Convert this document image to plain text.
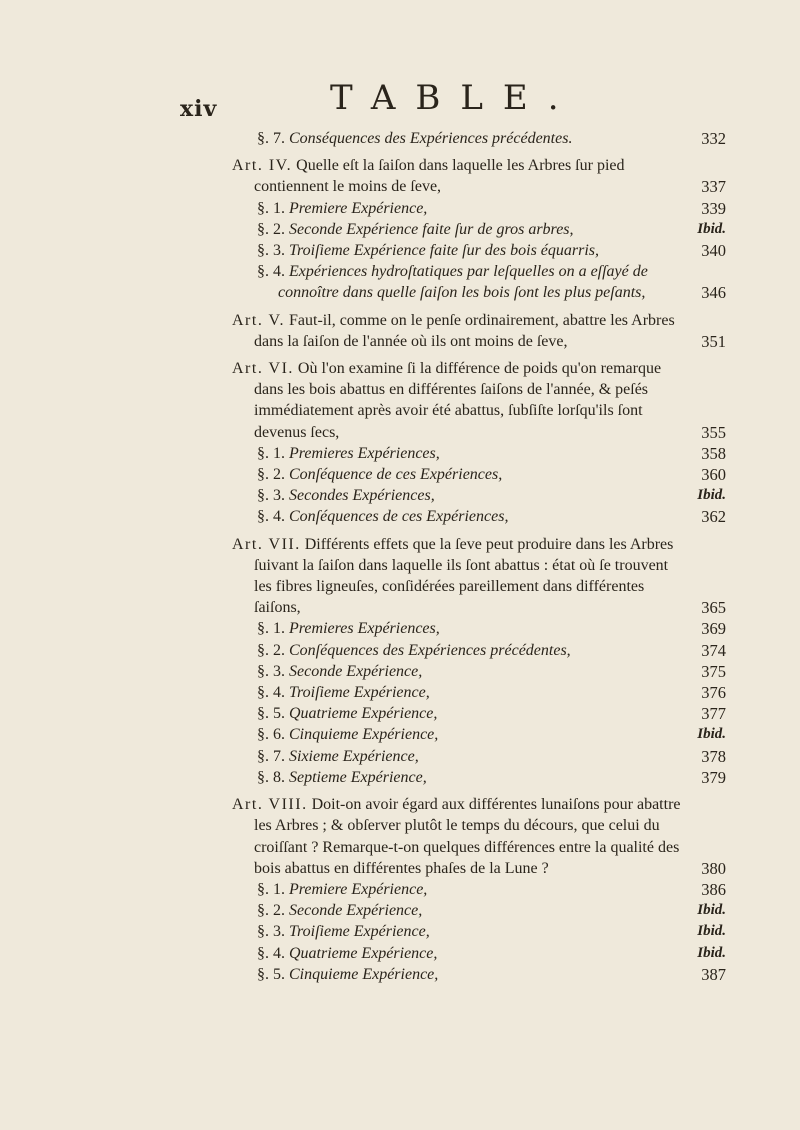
xiv	TABLE.
§. 7. Conséquences des Expériences précédentes.	332
Art. IV. Quelle eſt la ſaiſon dans laquelle les Arbres ſur pied contiennent le moins de ſeve,	337
§. 1. Premiere Expérience,	339
§. 2. Seconde Expérience faite ſur de gros arbres,	Ibid.
§. 3. Troiſieme Expérience faite ſur des bois équarris,	340
§. 4. Expériences hydroſtatiques par leſquelles on a eſſayé de connoître dans quelle ſaiſon les bois ſont les plus peſants,	346
Art. V. Faut-il, comme on le penſe ordinairement, abattre les Arbres dans la ſaiſon de l'année où ils ont moins de ſeve,	351
Art. VI. Où l'on examine ſi la différence de poids qu'on remarque dans les bois abattus en différentes ſaiſons de l'année, & peſés immédiatement après avoir été abattus, ſubſiſte lorſqu'ils ſont devenus ſecs,	355
§. 1. Premieres Expériences,	358
§. 2. Conſéquence de ces Expériences,	360
§. 3. Secondes Expériences,	Ibid.
§. 4. Conſéquences de ces Expériences,	362
Art. VII. Différents effets que la ſeve peut produire dans les Arbres ſuivant la ſaiſon dans laquelle ils ſont abattus : état où ſe trouvent les fibres ligneuſes, conſidérées pareillement dans différentes ſaiſons,	365
§. 1. Premieres Expériences,	369
§. 2. Conſéquences des Expériences précédentes,	374
§. 3. Seconde Expérience,	375
§. 4. Troiſieme Expérience,	376
§. 5. Quatrieme Expérience,	377
§. 6. Cinquieme Expérience,	Ibid.
§. 7. Sixieme Expérience,	378
§. 8. Septieme Expérience,	379
Art. VIII. Doit-on avoir égard aux différentes lunaiſons pour abattre les Arbres ; & obſerver plutôt le temps du décours, que celui du croiſſant ? Remarque-t-on quelques différences entre la qualité des bois abattus en différentes phaſes de la Lune ?	380
§. 1. Premiere Expérience,	386
§. 2. Seconde Expérience,	Ibid.
§. 3. Troiſieme Expérience,	Ibid.
§. 4. Quatrieme Expérience,	Ibid.
§. 5. Cinquieme Expérience,	387
